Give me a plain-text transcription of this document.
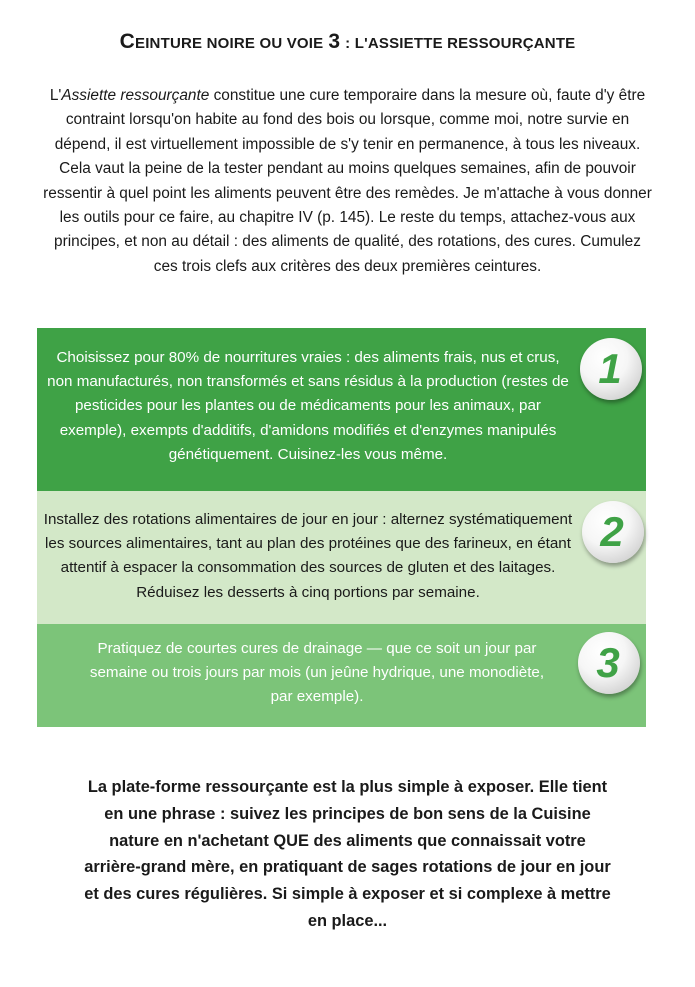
CEINTURE NOIRE OU VOIE 3 : L'ASSIETTE RESSOURÇANTE

L'Assiette ressourçante constitue une cure temporaire dans la mesure où, faute d'y être contraint lorsqu'on habite au fond des bois ou lorsque, comme moi, notre survie en dépend, il est virtuellement impossible de s'y tenir en permanence, à tous les niveaux. Cela vaut la peine de la tester pendant au moins quelques semaines, afin de pouvoir ressentir à quel point les aliments peuvent être des remèdes. Je m'attache à vous donner les outils pour ce faire, au chapitre IV (p. 145). Le reste du temps, attachez-vous aux principes, et non au détail : des aliments de qualité, des rotations, des cures. Cumulez ces trois clefs aux critères des deux premières ceintures.

Choisissez pour 80% de nourritures vraies : des aliments frais, nus et crus, non manufacturés, non transformés et sans résidus à la production (restes de pesticides pour les plantes ou de médicaments pour les animaux, par exemple), exempts d'additifs, d'amidons modifiés et d'enzymes manipulés génétiquement. Cuisinez-les vous même.
1
Installez des rotations alimentaires de jour en jour : alternez systématiquement les sources alimentaires, tant au plan des protéines que des farineux, en étant attentif à espacer la consommation des sources de gluten et des laitages. Réduisez les desserts à cinq portions par semaine.
2
Pratiquez de courtes cures de drainage — que ce soit un jour par semaine ou trois jours par mois (un jeûne hydrique, une monodiète, par exemple).
3
La plate-forme ressourçante est la plus simple à exposer. Elle tient en une phrase : suivez les principes de bon sens de la Cuisine nature en n'achetant QUE des aliments que connaissait votre arrière-grand mère, en pratiquant de sages rotations de jour en jour et des cures régulières. Si simple à exposer et si complexe à mettre en place...
